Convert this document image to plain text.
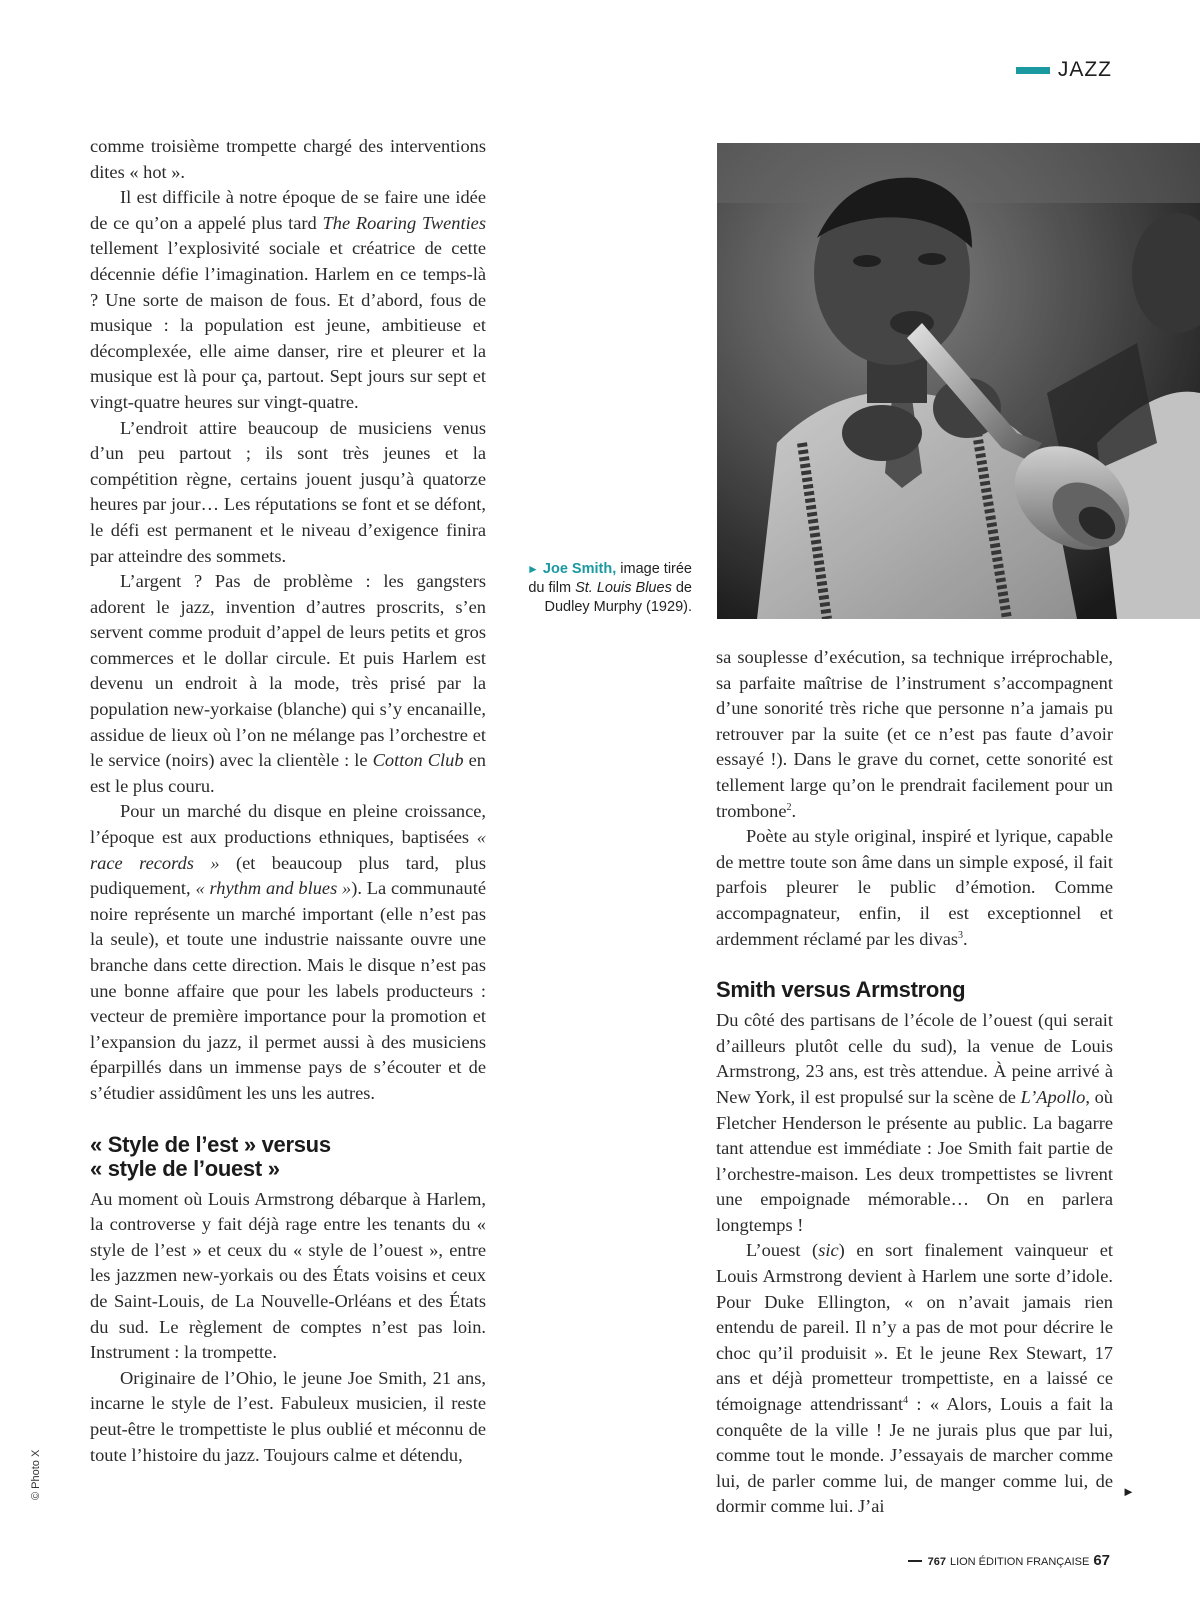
JAZZ

comme troisième trompette chargé des interventions dites « hot ».

Il est difficile à notre époque de se faire une idée de ce qu’on a appelé plus tard The Roaring Twenties tellement l’explosivité sociale et créatrice de cette décennie défie l’imagination. Harlem en ce temps-là ? Une sorte de maison de fous. Et d’abord, fous de musique : la population est jeune, ambitieuse et décomplexée, elle aime danser, rire et pleurer et la musique est là pour ça, partout. Sept jours sur sept et vingt-quatre heures sur vingt-quatre.

L’endroit attire beaucoup de musiciens venus d’un peu partout ; ils sont très jeunes et la compétition règne, certains jouent jusqu’à quatorze heures par jour… Les réputations se font et se défont, le défi est permanent et le niveau d’exigence finira par atteindre des sommets.

L’argent ? Pas de problème : les gangsters adorent le jazz, invention d’autres proscrits, s’en servent comme produit d’appel de leurs petits et gros commerces et le dollar circule. Et puis Harlem est devenu un endroit à la mode, très prisé par la population new-yorkaise (blanche) qui s’y encanaille, assidue de lieux où l’on ne mélange pas l’orchestre et le service (noirs) avec la clientèle : le Cotton Club en est le plus couru.

Pour un marché du disque en pleine croissance, l’époque est aux productions ethniques, baptisées « race records » (et beaucoup plus tard, plus pudiquement, « rhythm and blues »). La communauté noire représente un marché important (elle n’est pas la seule), et toute une industrie naissante ouvre une branche dans cette direction. Mais le disque n’est pas une bonne affaire que pour les labels producteurs : vecteur de première importance pour la promotion et l’expansion du jazz, il permet aussi à des musiciens éparpillés dans un immense pays de s’écouter et de s’étudier assidûment les uns les autres.

« Style de l’est » versus
« style de l’ouest »

Au moment où Louis Armstrong débarque à Harlem, la controverse y fait déjà rage entre les tenants du « style de l’est » et ceux du « style de l’ouest », entre les jazzmen new-yorkais ou des États voisins et ceux de Saint-Louis, de La Nouvelle-Orléans et des États du sud. Le règlement de comptes n’est pas loin. Instrument : la trompette.

Originaire de l’Ohio, le jeune Joe Smith, 21 ans, incarne le style de l’est. Fabuleux musicien, il reste peut-être le trompettiste le plus oublié et méconnu de toute l’histoire du jazz. Toujours calme et détendu,

► Joe Smith, image tirée du film St. Louis Blues de Dudley Murphy (1929).

sa souplesse d’exécution, sa technique irréprochable, sa parfaite maîtrise de l’instrument s’accompagnent d’une sonorité très riche que personne n’a jamais pu retrouver par la suite (et ce n’est pas faute d’avoir essayé !). Dans le grave du cornet, cette sonorité est tellement large qu’on le prendrait facilement pour un trombone$^2$.

Poète au style original, inspiré et lyrique, capable de mettre toute son âme dans un simple exposé, il fait parfois pleurer le public d’émotion. Comme accompagnateur, enfin, il est exceptionnel et ardemment réclamé par les divas$^3$.

Smith versus Armstrong

Du côté des partisans de l’école de l’ouest (qui serait d’ailleurs plutôt celle du sud), la venue de Louis Armstrong, 23 ans, est très attendue. À peine arrivé à New York, il est propulsé sur la scène de L’Apollo, où Fletcher Henderson le présente au public. La bagarre tant attendue est immédiate : Joe Smith fait partie de l’orchestre-maison. Les deux trompettistes se livrent une empoignade mémorable… On en parlera longtemps !

L’ouest (sic) en sort finalement vainqueur et Louis Armstrong devient à Harlem une sorte d’idole. Pour Duke Ellington, « on n’avait jamais rien entendu de pareil. Il n’y a pas de mot pour décrire le choc qu’il produisit ». Et le jeune Rex Stewart, 17 ans et déjà prometteur trompettiste, en a laissé ce témoignage attendrissant$^4$ : « Alors, Louis a fait la conquête de la ville ! Je ne jurais plus que par lui, comme tout le monde. J’essayais de marcher comme lui, de parler comme lui, de manger comme lui, de dormir comme lui. J’ai

►
© Photo X
767 LION ÉDITION FRANÇAISE 67
